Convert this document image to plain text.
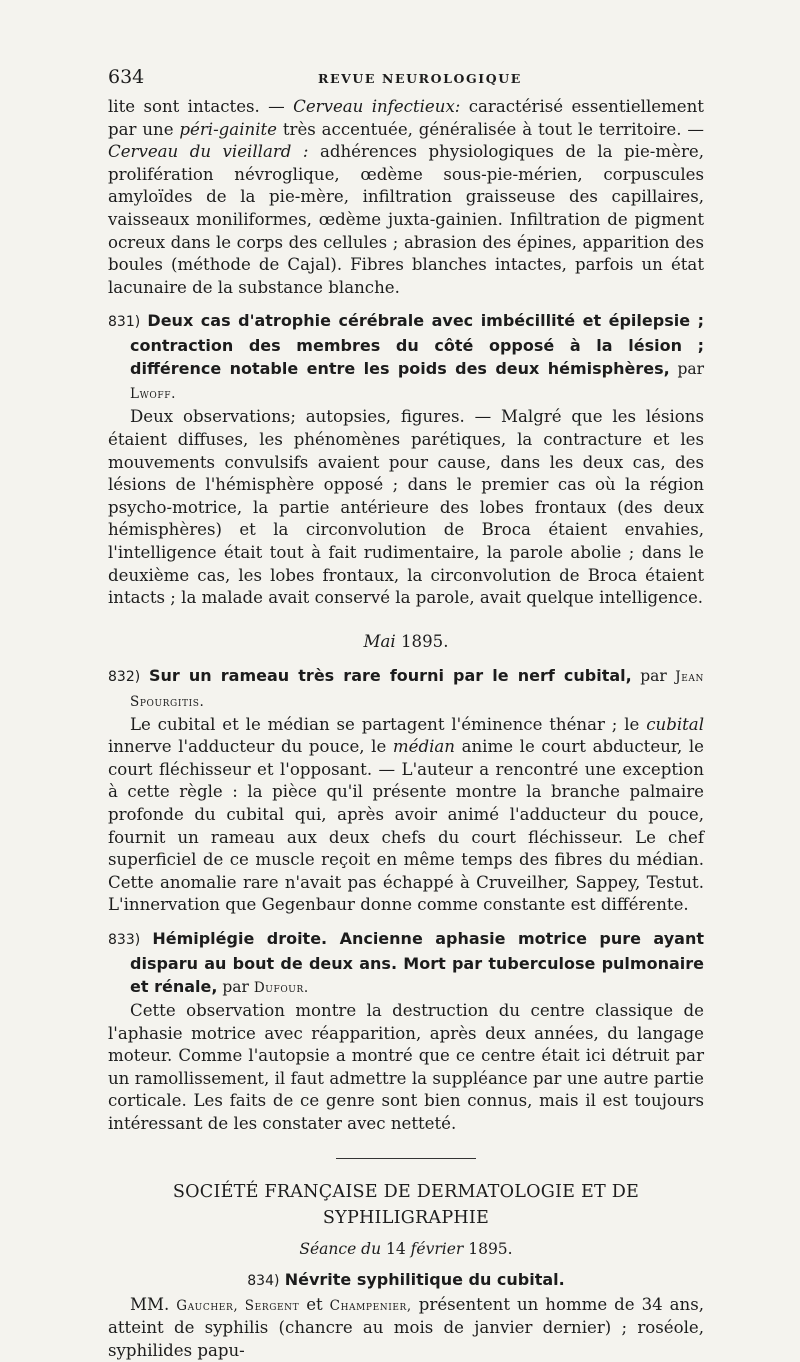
634	REVUE NEUROLOGIQUE

lite sont intactes. — Cerveau infectieux: caractérisé essentiellement par une péri-gainite très accentuée, généralisée à tout le territoire. — Cerveau du vieillard : adhérences physiologiques de la pie-mère, prolifération névroglique, œdème sous-pie-mérien, corpuscules amyloïdes de la pie-mère, infiltration graisseuse des capillaires, vaisseaux moniliformes, œdème juxta-gainien. Infiltration de pigment ocreux dans le corps des cellules ; abrasion des épines, apparition des boules (méthode de Cajal). Fibres blanches intactes, parfois un état lacunaire de la substance blanche.

831) Deux cas d'atrophie cérébrale avec imbécillité et épilepsie ; contraction des membres du côté opposé à la lésion ; différence notable entre les poids des deux hémisphères, par Lwoff.

Deux observations; autopsies, figures. — Malgré que les lésions étaient diffuses, les phénomènes parétiques, la contracture et les mouvements convulsifs avaient pour cause, dans les deux cas, des lésions de l'hémisphère opposé ; dans le premier cas où la région psycho-motrice, la partie antérieure des lobes frontaux (des deux hémisphères) et la circonvolution de Broca étaient envahies, l'intelligence était tout à fait rudimentaire, la parole abolie ; dans le deuxième cas, les lobes frontaux, la circonvolution de Broca étaient intacts ; la malade avait conservé la parole, avait quelque intelligence.

Mai 1895.
832) Sur un rameau très rare fourni par le nerf cubital, par Jean Spourgitis.

Le cubital et le médian se partagent l'éminence thénar ; le cubital innerve l'adducteur du pouce, le médian anime le court abducteur, le court fléchisseur et l'opposant. — L'auteur a rencontré une exception à cette règle : la pièce qu'il présente montre la branche palmaire profonde du cubital qui, après avoir animé l'adducteur du pouce, fournit un rameau aux deux chefs du court fléchisseur. Le chef superficiel de ce muscle reçoit en même temps des fibres du médian. Cette anomalie rare n'avait pas échappé à Cruveilher, Sappey, Testut. L'innervation que Gegenbaur donne comme constante est différente.

833) Hémiplégie droite. Ancienne aphasie motrice pure ayant disparu au bout de deux ans. Mort par tuberculose pulmonaire et rénale, par Dufour.

Cette observation montre la destruction du centre classique de l'aphasie motrice avec réapparition, après deux années, du langage moteur. Comme l'autopsie a montré que ce centre était ici détruit par un ramollissement, il faut admettre la suppléance par une autre partie corticale. Les faits de ce genre sont bien connus, mais il est toujours intéressant de les constater avec netteté.

SOCIÉTÉ FRANÇAISE DE DERMATOLOGIE ET DE SYPHILIGRAPHIE
Séance du 14 février 1895.
834) Névrite syphilitique du cubital.

MM. Gaucher, Sergent et Champenier, présentent un homme de 34 ans, atteint de syphilis (chancre au mois de janvier dernier) ; roséole, syphilides papu-
